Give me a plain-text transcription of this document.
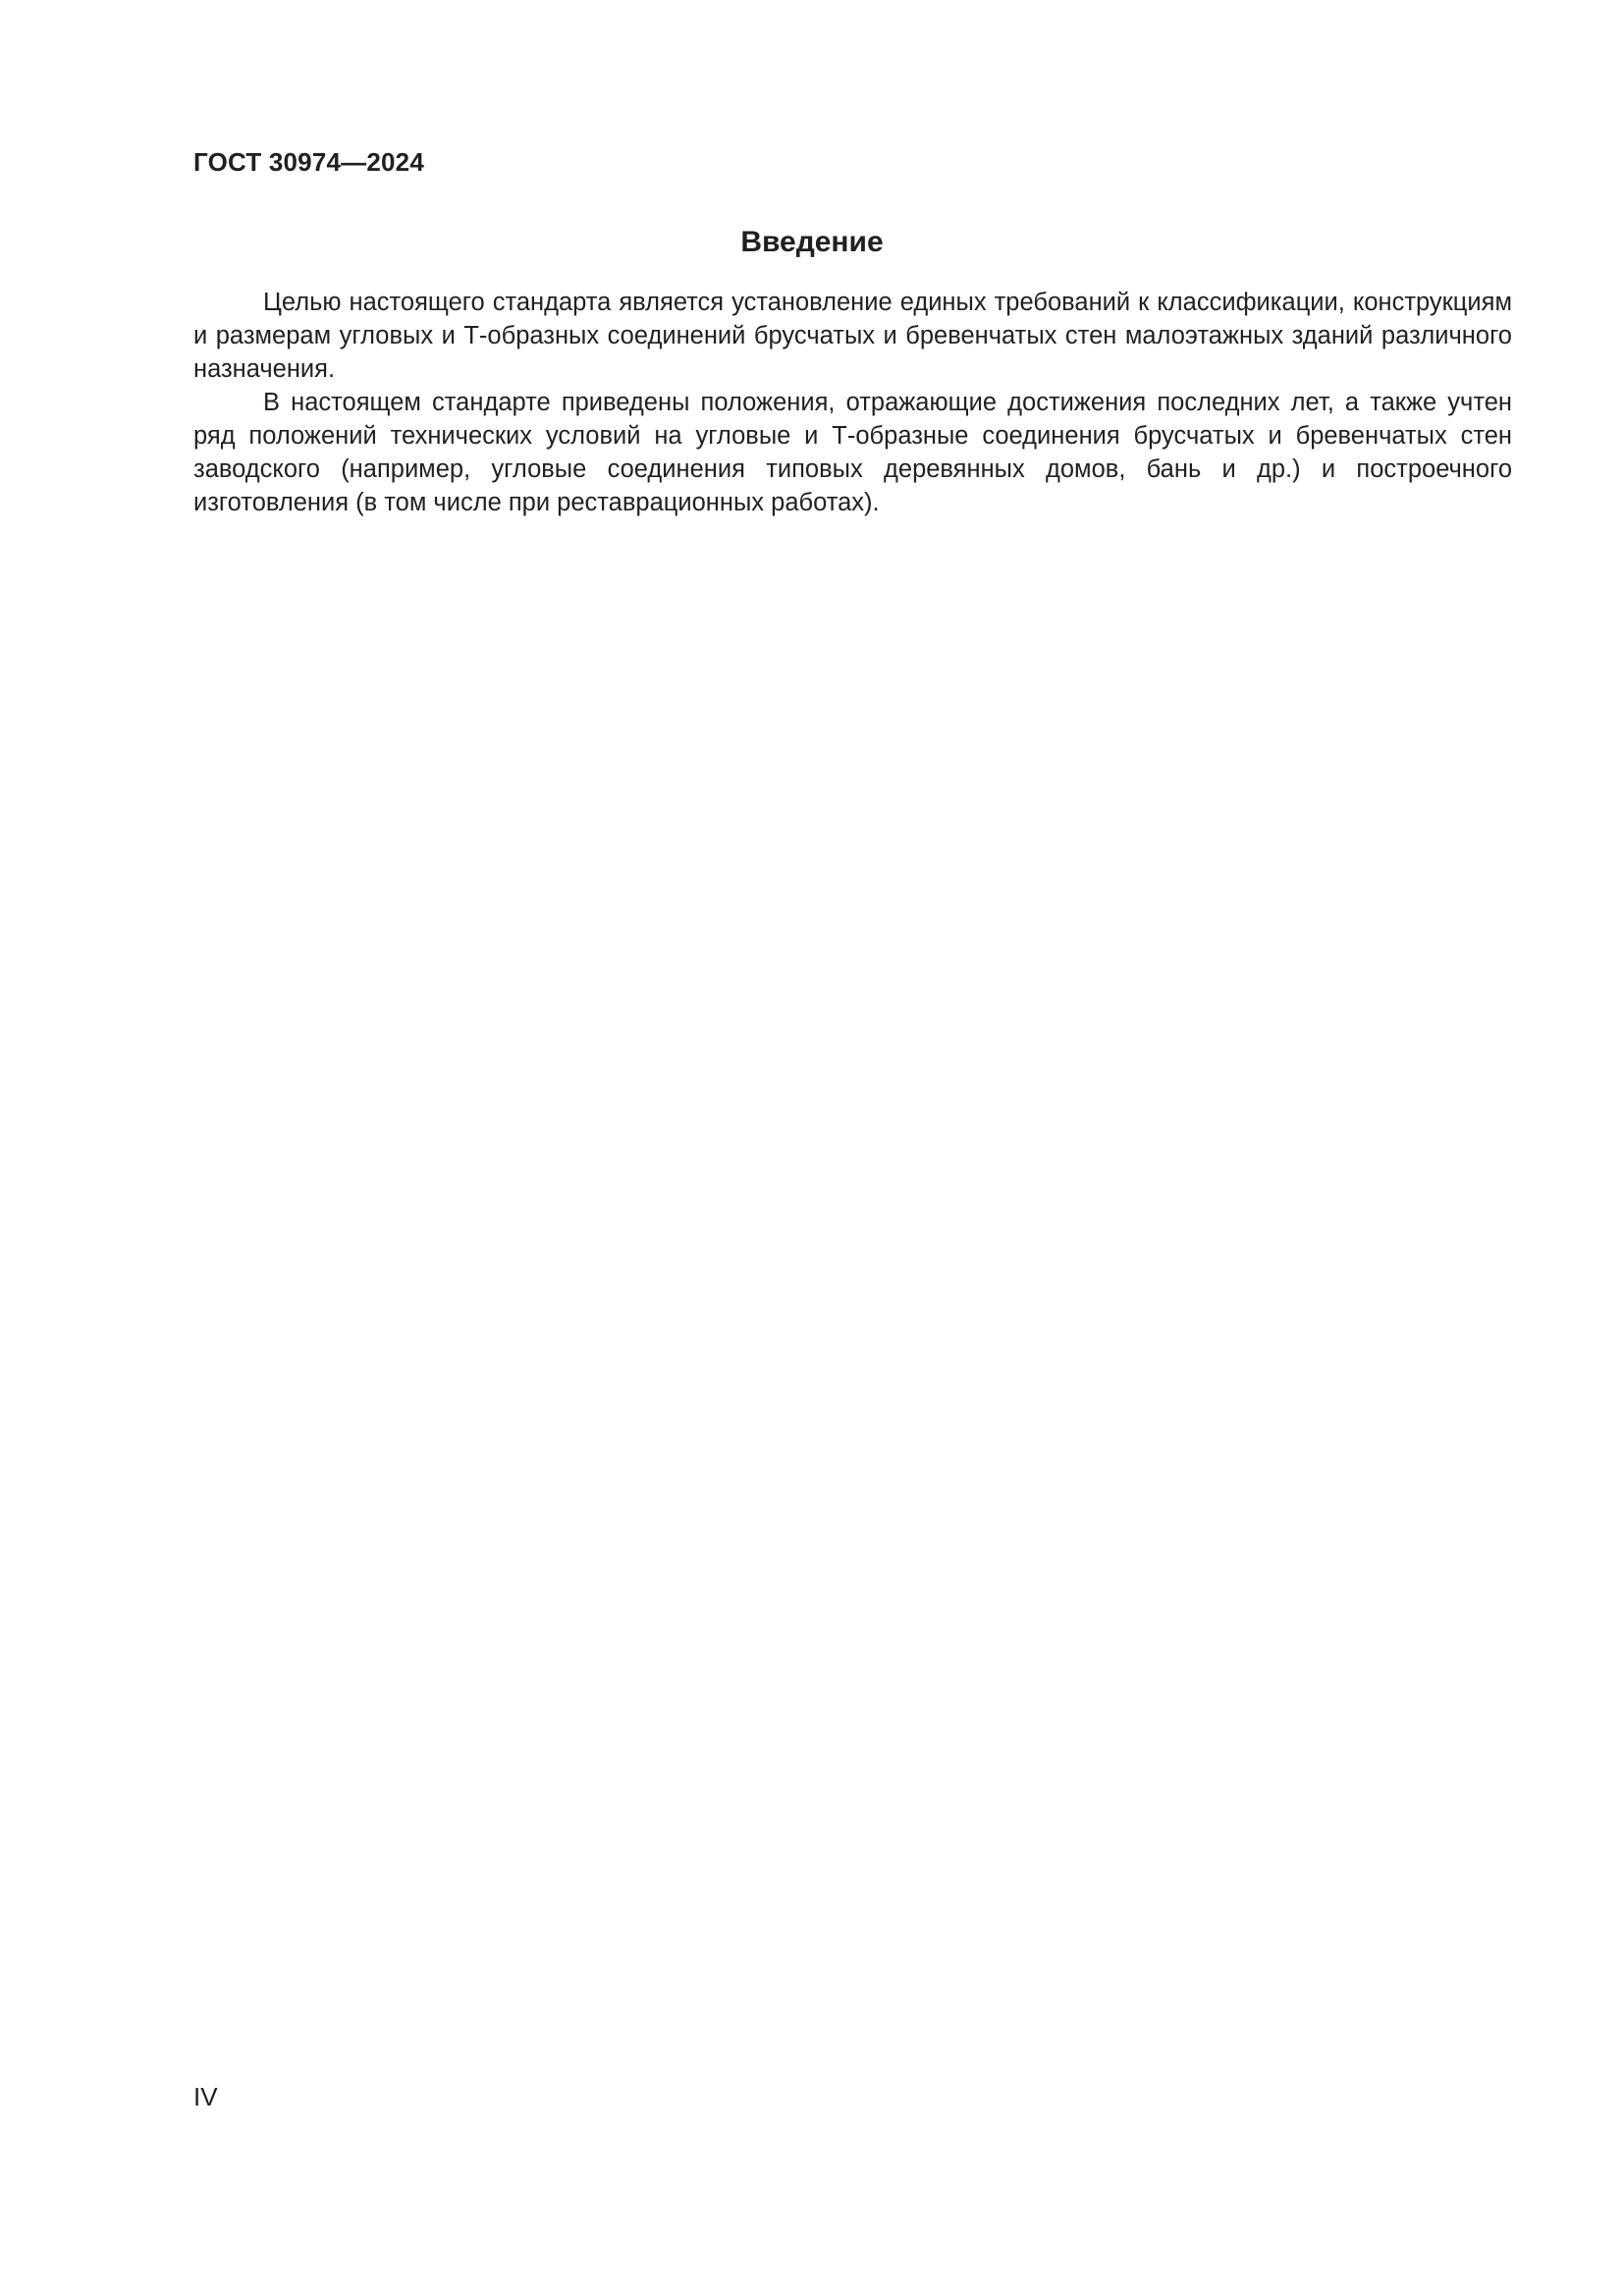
ГОСТ 30974—2024
Введение

Целью настоящего стандарта является установление единых требований к классификации, конструкциям и размерам угловых и Т-образных соединений брусчатых и бревенчатых стен малоэтажных зданий различного назначения.

В настоящем стандарте приведены положения, отражающие достижения последних лет, а также учтен ряд положений технических условий на угловые и Т-образные соединения брусчатых и бревенчатых стен заводского (например, угловые соединения типовых деревянных домов, бань и др.) и построечного изготовления (в том числе при реставрационных работах).

IV
